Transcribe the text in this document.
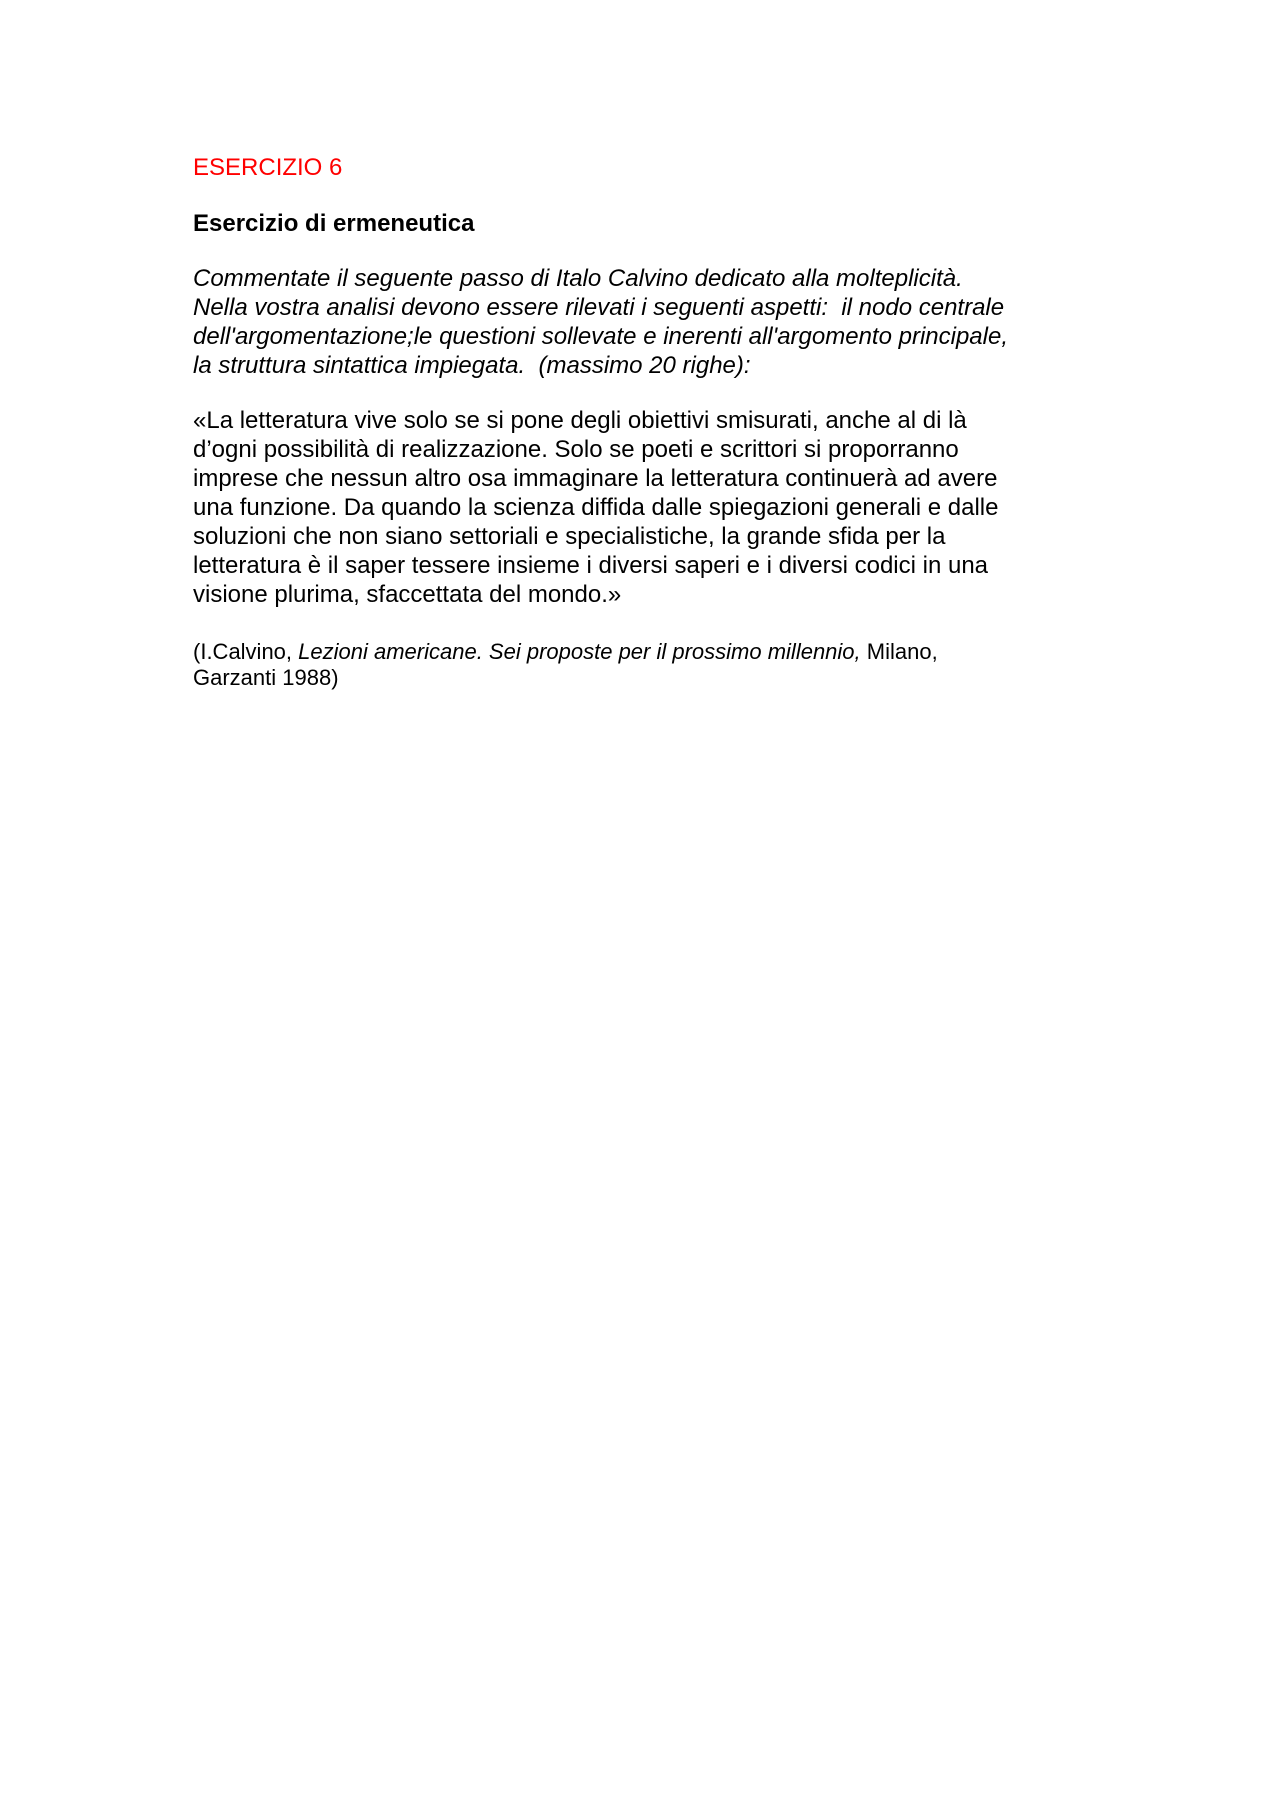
ESERCIZIO 6
Esercizio di ermeneutica
Commentate il seguente passo di Italo Calvino dedicato alla molteplicità.
Nella vostra analisi devono essere rilevati i seguenti aspetti:  il nodo centrale
dell'argomentazione;le questioni sollevate e inerenti all'argomento principale,
la struttura sintattica impiegata.  (massimo 20 righe):
«La letteratura vive solo se si pone degli obiettivi smisurati, anche al di là
d’ogni possibilità di realizzazione. Solo se poeti e scrittori si proporranno
imprese che nessun altro osa immaginare la letteratura continuerà ad avere
una funzione. Da quando la scienza diffida dalle spiegazioni generali e dalle
soluzioni che non siano settoriali e specialistiche, la grande sfida per la
letteratura è il saper tessere insieme i diversi saperi e i diversi codici in una
visione plurima, sfaccettata del mondo.»
(I.Calvino, Lezioni americane. Sei proposte per il prossimo millennio, Milano,
Garzanti 1988)
